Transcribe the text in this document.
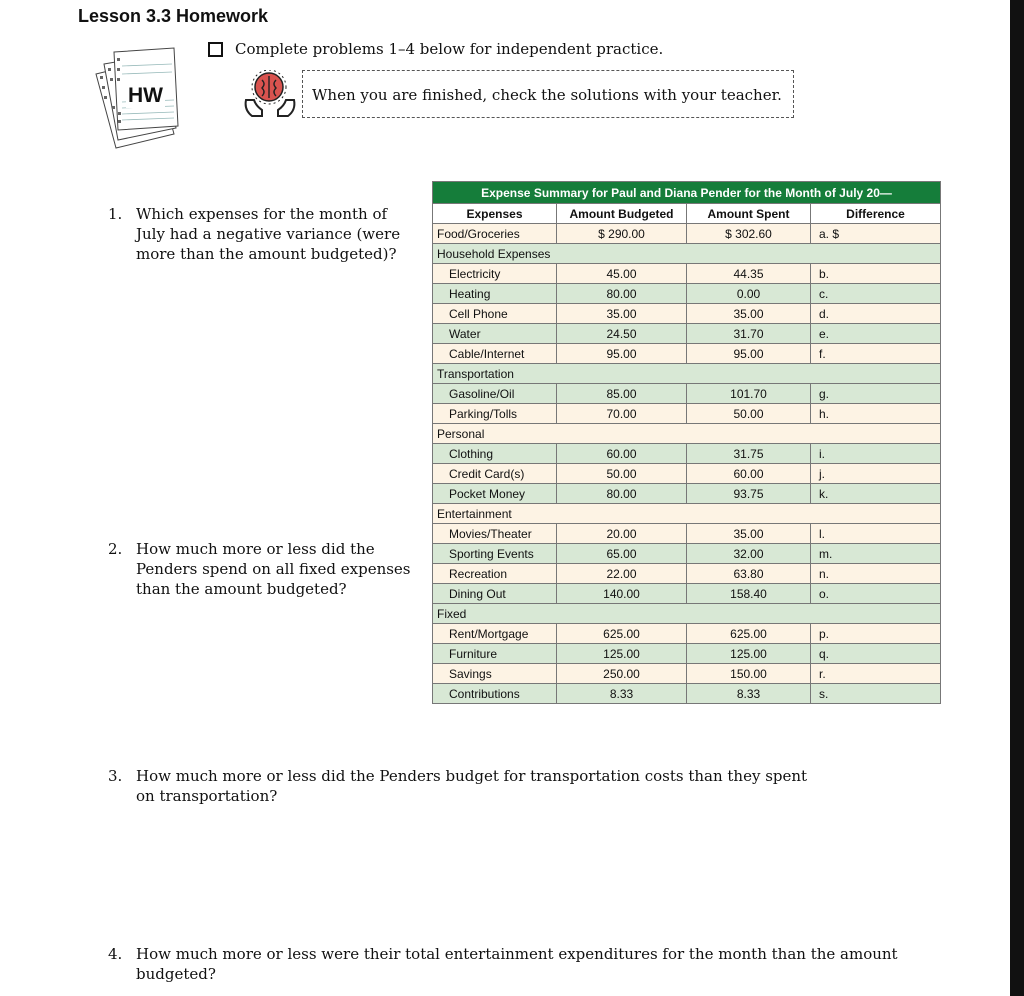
Lesson 3.3 Homework
Complete problems 1–4 below for independent practice.
HW	When you are finished, check the solutions with your teacher.
1. Which expenses for the month of July had a negative variance (were more than the amount budgeted)?
2. How much more or less did the Penders spend on all fixed expenses than the amount budgeted?
3. How much more or less did the Penders budget for transportation costs than they spent on transportation?
4. How much more or less were their total entertainment expenditures for the month than the amount budgeted?
Expense Summary for Paul and Diana Pender for the Month of July 20—			
Expenses	Amount Budgeted	Amount Spent	Difference
Food/Groceries	$ 290.00	$ 302.60	a. $
Household Expenses			
Electricity	45.00	44.35	b.
Heating	80.00	0.00	c.
Cell Phone	35.00	35.00	d.
Water	24.50	31.70	e.
Cable/Internet	95.00	95.00	f.
Transportation			
Gasoline/Oil	85.00	101.70	g.
Parking/Tolls	70.00	50.00	h.
Personal			
Clothing	60.00	31.75	i.
Credit Card(s)	50.00	60.00	j.
Pocket Money	80.00	93.75	k.
Entertainment			
Movies/Theater	20.00	35.00	l.
Sporting Events	65.00	32.00	m.
Recreation	22.00	63.80	n.
Dining Out	140.00	158.40	o.
Fixed			
Rent/Mortgage	625.00	625.00	p.
Furniture	125.00	125.00	q.
Savings	250.00	150.00	r.
Contributions	8.33	8.33	s.
